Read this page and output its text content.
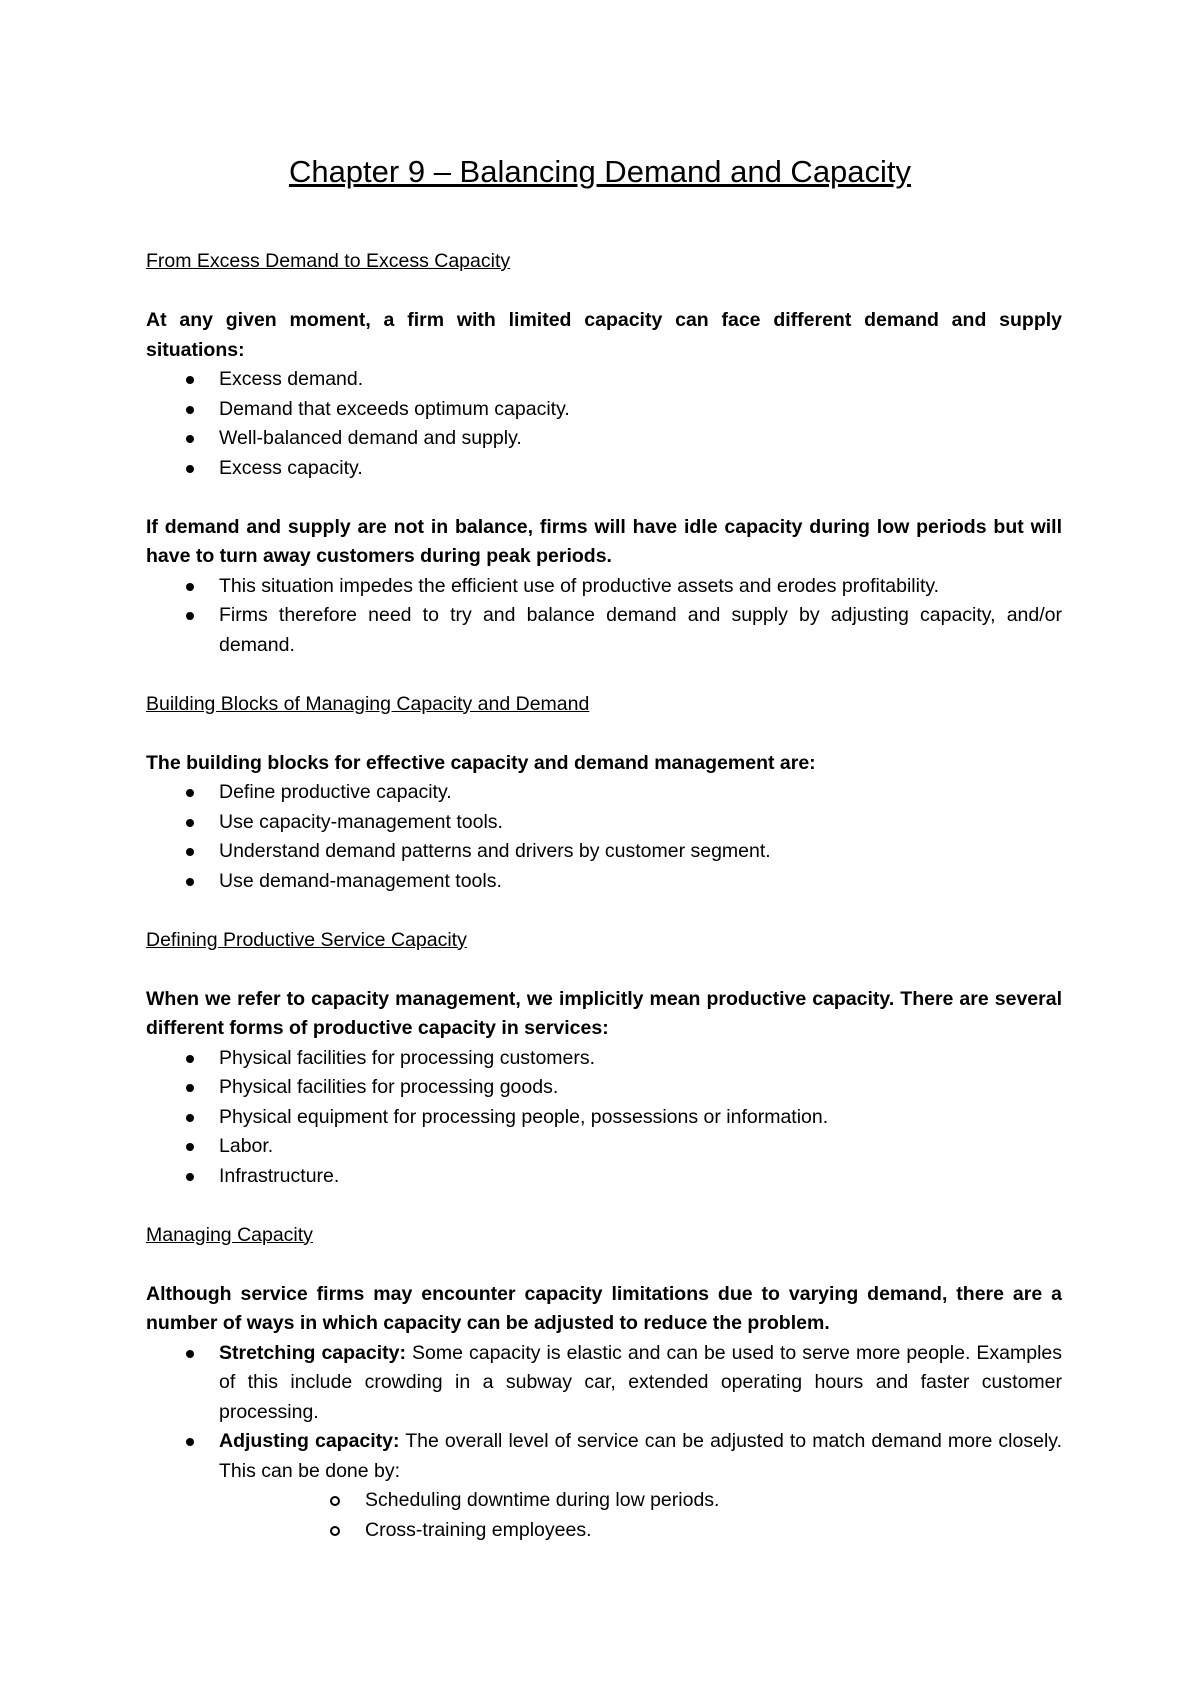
Chapter 9 – Balancing Demand and Capacity

From Excess Demand to Excess Capacity

At any given moment, a firm with limited capacity can face different demand and supply situations:

Excess demand.
Demand that exceeds optimum capacity.
Well-balanced demand and supply.
Excess capacity.

If demand and supply are not in balance, firms will have idle capacity during low periods but will have to turn away customers during peak periods.

This situation impedes the efficient use of productive assets and erodes profitability.
Firms therefore need to try and balance demand and supply by adjusting capacity, and/or demand.

Building Blocks of Managing Capacity and Demand

The building blocks for effective capacity and demand management are:

Define productive capacity.
Use capacity-management tools.
Understand demand patterns and drivers by customer segment.
Use demand-management tools.

Defining Productive Service Capacity

When we refer to capacity management, we implicitly mean productive capacity. There are several different forms of productive capacity in services:

Physical facilities for processing customers.
Physical facilities for processing goods.
Physical equipment for processing people, possessions or information.
Labor.
Infrastructure.

Managing Capacity

Although service firms may encounter capacity limitations due to varying demand, there are a number of ways in which capacity can be adjusted to reduce the problem.

Stretching capacity: Some capacity is elastic and can be used to serve more people. Examples of this include crowding in a subway car, extended operating hours and faster customer processing.
Adjusting capacity: The overall level of service can be adjusted to match demand more closely. This can be done by:
Scheduling downtime during low periods.
Cross-training employees.
